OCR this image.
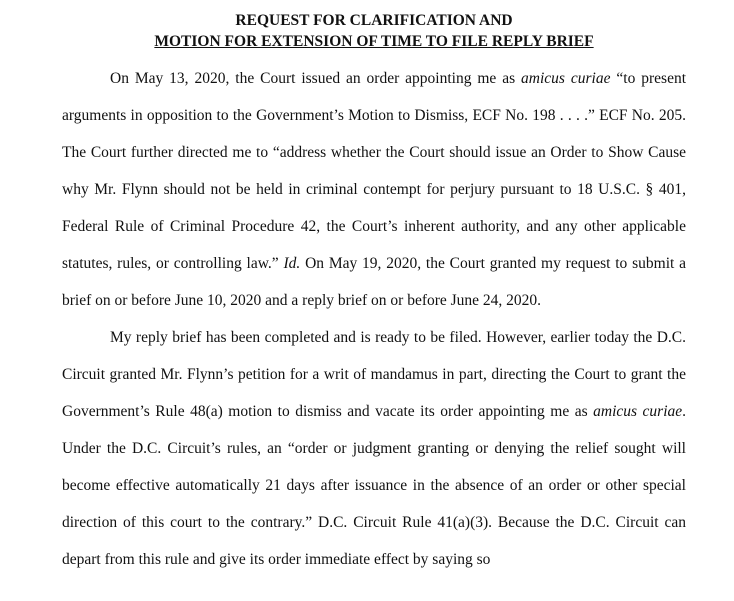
REQUEST FOR CLARIFICATION AND
MOTION FOR EXTENSION OF TIME TO FILE REPLY BRIEF

On May 13, 2020, the Court issued an order appointing me as amicus curiae “to present arguments in opposition to the Government’s Motion to Dismiss, ECF No. 198 . . . .” ECF No. 205. The Court further directed me to “address whether the Court should issue an Order to Show Cause why Mr. Flynn should not be held in criminal contempt for perjury pursuant to 18 U.S.C. § 401, Federal Rule of Criminal Procedure 42, the Court’s inherent authority, and any other applicable statutes, rules, or controlling law.” Id. On May 19, 2020, the Court granted my request to submit a brief on or before June 10, 2020 and a reply brief on or before June 24, 2020.

My reply brief has been completed and is ready to be filed. However, earlier today the D.C. Circuit granted Mr. Flynn’s petition for a writ of mandamus in part, directing the Court to grant the Government’s Rule 48(a) motion to dismiss and vacate its order appointing me as amicus curiae. Under the D.C. Circuit’s rules, an “order or judgment granting or denying the relief sought will become effective automatically 21 days after issuance in the absence of an order or other special direction of this court to the contrary.” D.C. Circuit Rule 41(a)(3). Because the D.C. Circuit can depart from this rule and give its order immediate effect by saying so
